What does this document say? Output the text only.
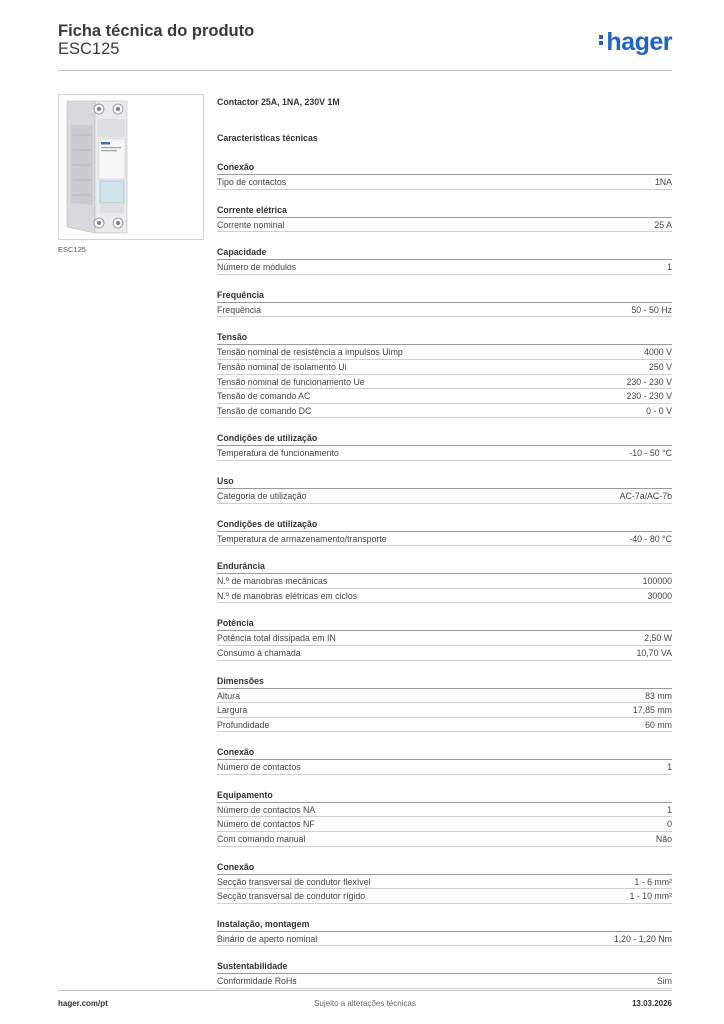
Ficha técnica do produto
ESC125	hager
ESC125
Contactor 25A, 1NA, 230V 1M
Características técnicas
Conexão
Tipo de contactos	1NA
Corrente elétrica
Corrente nominal	25 A
Capacidade
Número de módulos	1
Frequência
Frequência	50 - 50 Hz
Tensão
Tensão nominal de resistência a impulsos Uimp	4000 V
Tensão nominal de isolamento Ui	250 V
Tensão nominal de funcionamento Ue	230 - 230 V
Tensão de comando AC	230 - 230 V
Tensão de comando DC	0 - 0 V
Condições de utilização
Temperatura de funcionamento	-10 - 50 °C
Uso
Categoria de utilização	AC-7a/AC-7b
Condições de utilização
Temperatura de armazenamento/transporte	-40 - 80 °C
Endurância
N.º de manobras mecânicas	100000
N.º de manobras elétricas em ciclos	30000
Potência
Potência total dissipada em IN	2,50 W
Consumo à chamada	10,70 VA
Dimensões
Altura	83 mm
Largura	17,85 mm
Profundidade	60 mm
Conexão
Número de contactos	1
Equipamento
Número de contactos NA	1
Número de contactos NF	0
Com comando manual	Não
Conexão
Secção transversal de condutor flexível	1 - 6 mm²
Secção transversal de condutor rígido	1 - 10 mm²
Instalação, montagem
Binário de aperto nominal	1,20 - 1,20 Nm
Sustentabilidade
Conformidade RoHs	Sim
hager.com/pt	Sujeito a alterações técnicas	13.03.2026
